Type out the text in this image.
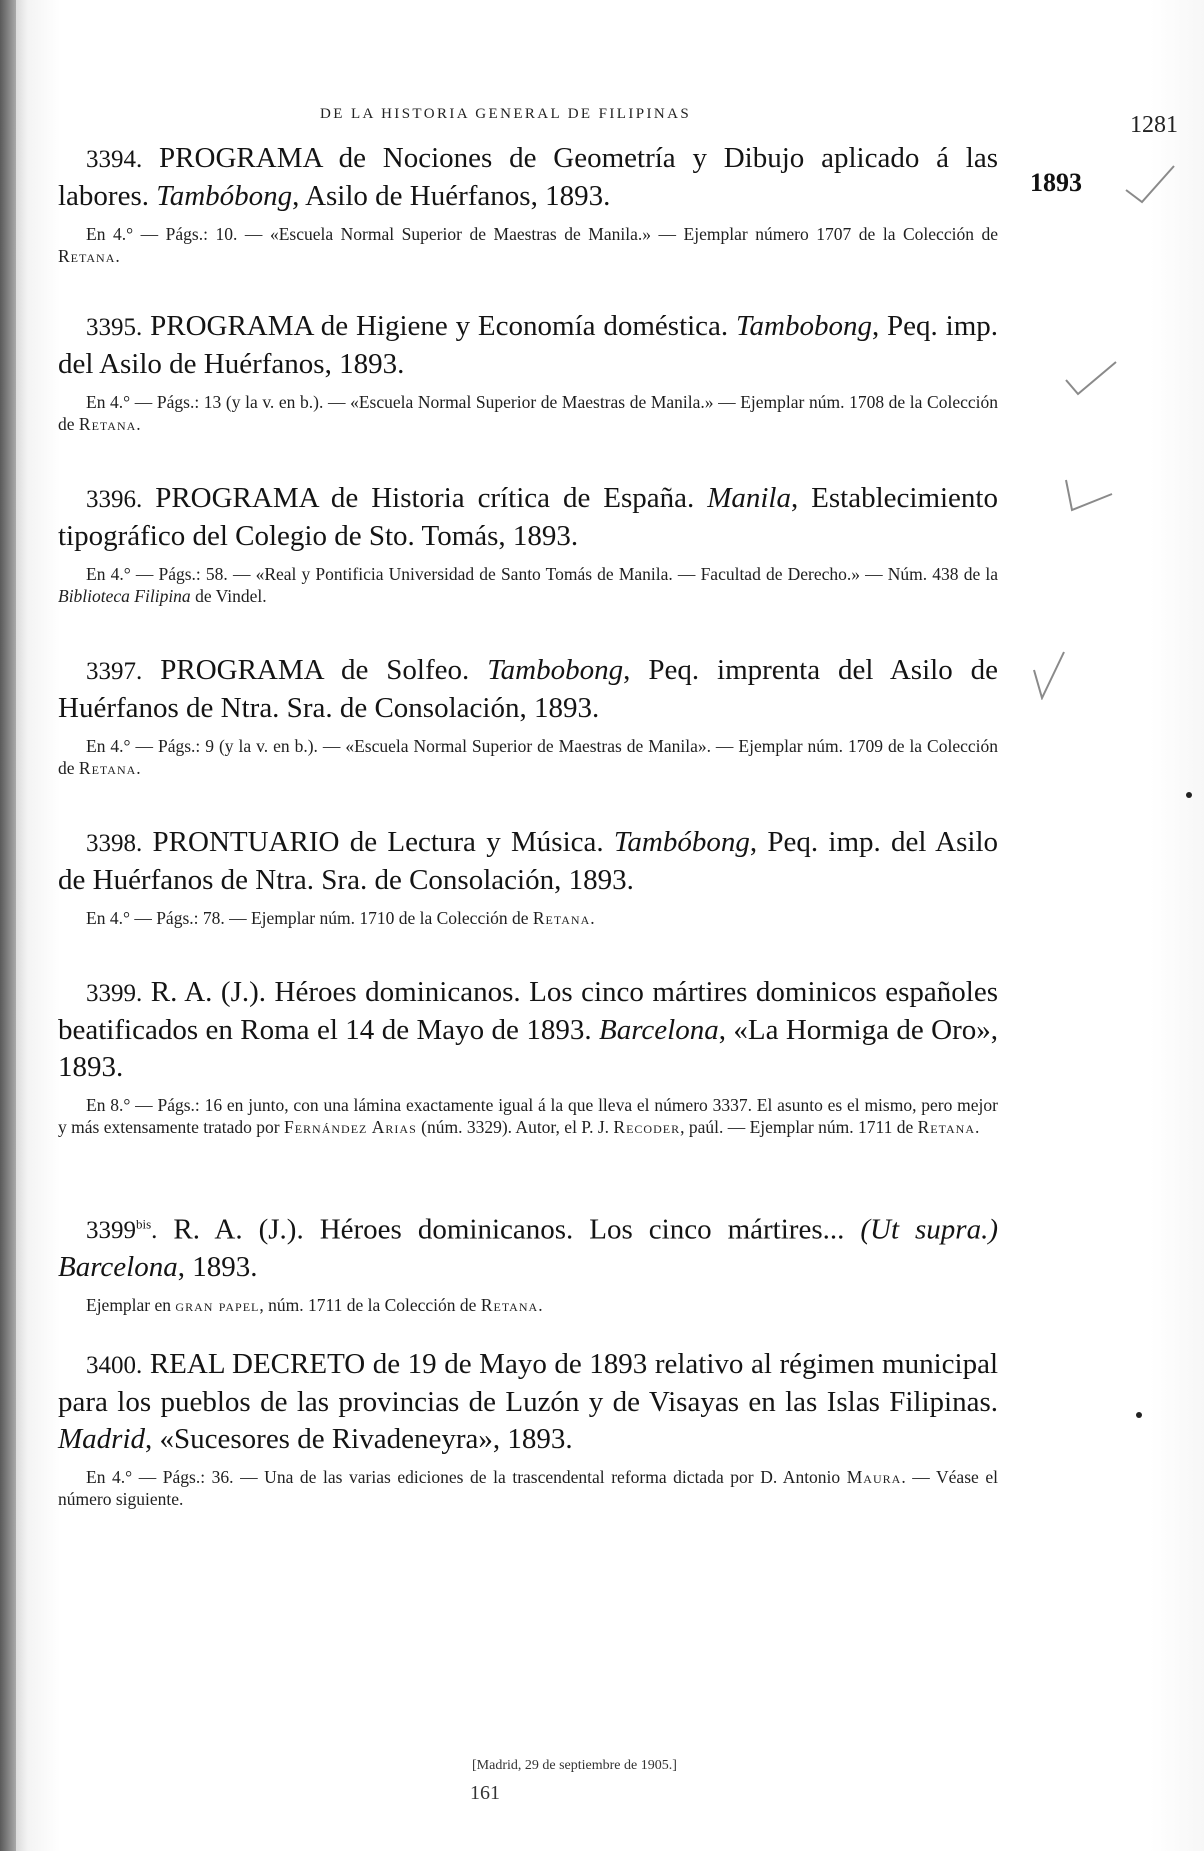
DE LA HISTORIA GENERAL DE FILIPINAS	1281
1893

3394. PROGRAMA de Nociones de Geometría y Dibujo aplicado á las labores. Tambóbong, Asilo de Huérfanos, 1893.

En 4.° — Págs.: 10. — «Escuela Normal Superior de Maestras de Manila.» — Ejemplar número 1707 de la Colección de Retana.

3395. PROGRAMA de Higiene y Economía doméstica. Tambobong, Peq. imp. del Asilo de Huérfanos, 1893.

En 4.° — Págs.: 13 (y la v. en b.). — «Escuela Normal Superior de Maestras de Manila.» — Ejemplar núm. 1708 de la Colección de Retana.

3396. PROGRAMA de Historia crítica de España. Manila, Establecimiento tipográfico del Colegio de Sto. Tomás, 1893.

En 4.° — Págs.: 58. — «Real y Pontificia Universidad de Santo Tomás de Manila. — Facultad de Derecho.» — Núm. 438 de la Biblioteca Filipina de Vindel.

3397. PROGRAMA de Solfeo. Tambobong, Peq. imprenta del Asilo de Huérfanos de Ntra. Sra. de Consolación, 1893.

En 4.° — Págs.: 9 (y la v. en b.). — «Escuela Normal Superior de Maestras de Manila». — Ejemplar núm. 1709 de la Colección de Retana.

3398. PRONTUARIO de Lectura y Música. Tambóbong, Peq. imp. del Asilo de Huérfanos de Ntra. Sra. de Consolación, 1893.

En 4.° — Págs.: 78. — Ejemplar núm. 1710 de la Colección de Retana.

3399. R. A. (J.). Héroes dominicanos. Los cinco mártires dominicos españoles beatificados en Roma el 14 de Mayo de 1893. Barcelona, «La Hormiga de Oro», 1893.

En 8.° — Págs.: 16 en junto, con una lámina exactamente igual á la que lleva el número 3337. El asunto es el mismo, pero mejor y más extensamente tratado por Fernández Arias (núm. 3329). Autor, el P. J. Recoder, paúl. — Ejemplar núm. 1711 de Retana.

$3399^{bis}$. R. A. (J.). Héroes dominicanos. Los cinco mártires... (Ut supra.) Barcelona, 1893.

Ejemplar en gran papel, núm. 1711 de la Colección de Retana.

3400. REAL DECRETO de 19 de Mayo de 1893 relativo al régimen municipal para los pueblos de las provincias de Luzón y de Visayas en las Islas Filipinas. Madrid, «Sucesores de Rivadeneyra», 1893.

En 4.° — Págs.: 36. — Una de las varias ediciones de la trascendental reforma dictada por D. Antonio Maura. — Véase el número siguiente.

[Madrid, 29 de septiembre de 1905.]
161
